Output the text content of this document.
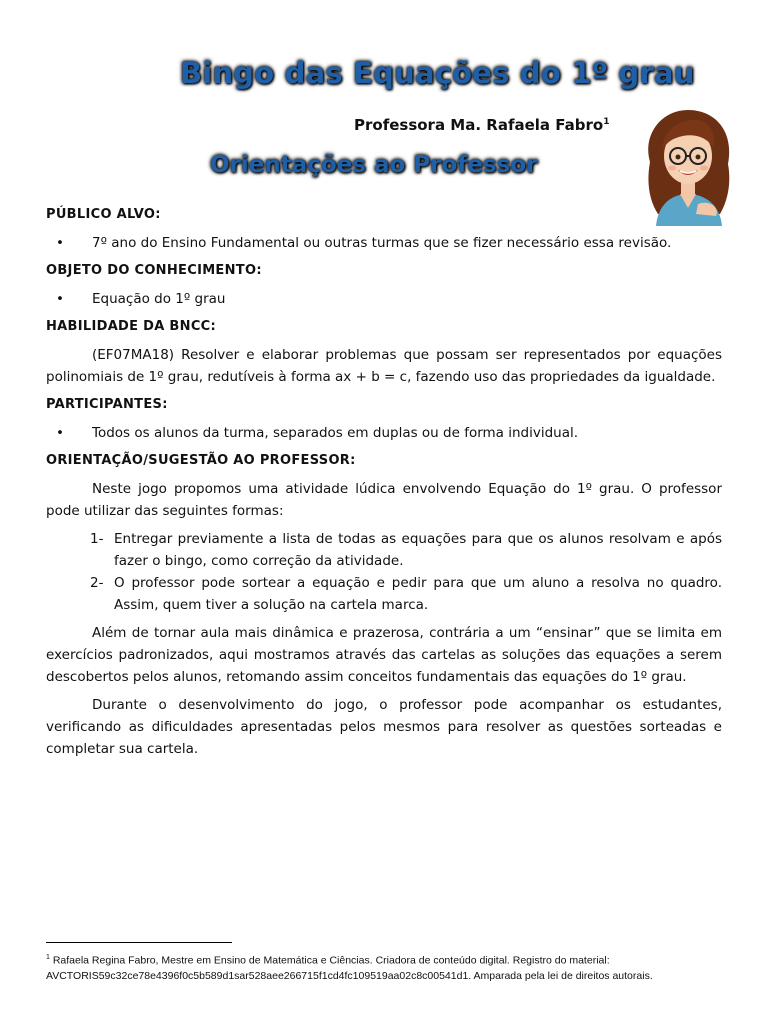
Bingo das Equações do 1º grau
Professora Ma. Rafaela Fabro$^1$
Orientações ao Professor
PÚBLICO ALVO:
•	7º ano do Ensino Fundamental ou outras turmas que se fizer necessário essa revisão.
OBJETO DO CONHECIMENTO:
•	Equação do 1º grau
HABILIDADE DA BNCC:
(EF07MA18) Resolver e elaborar problemas que possam ser representados por equações polinomiais de 1º grau, redutíveis à forma ax + b = c, fazendo uso das propriedades da igualdade.
PARTICIPANTES:
•	Todos os alunos da turma, separados em duplas ou de forma individual.
ORIENTAÇÃO/SUGESTÃO AO PROFESSOR:
Neste jogo propomos uma atividade lúdica envolvendo Equação do 1º grau. O professor pode utilizar das seguintes formas:
1- Entregar previamente a lista de todas as equações para que os alunos resolvam e após fazer o bingo, como correção da atividade.
2- O professor pode sortear a equação e pedir para que um aluno a resolva no quadro. Assim, quem tiver a solução na cartela marca.
Além de tornar aula mais dinâmica e prazerosa, contrária a um “ensinar” que se limita em exercícios padronizados, aqui mostramos através das cartelas as soluções das equações a serem descobertos pelos alunos, retomando assim conceitos fundamentais das equações do 1º grau.
Durante o desenvolvimento do jogo, o professor pode acompanhar os estudantes, verificando as dificuldades apresentadas pelos mesmos para resolver as questões sorteadas e completar sua cartela.
$^1$ Rafaela Regina Fabro, Mestre em Ensino de Matemática e Ciências. Criadora de conteúdo digital. Registro do material:
AVCTORIS59c32ce78e4396f0c5b589d1sar528aee266715f1cd4fc109519aa02c8c00541d1. Amparada pela lei de direitos autorais.
